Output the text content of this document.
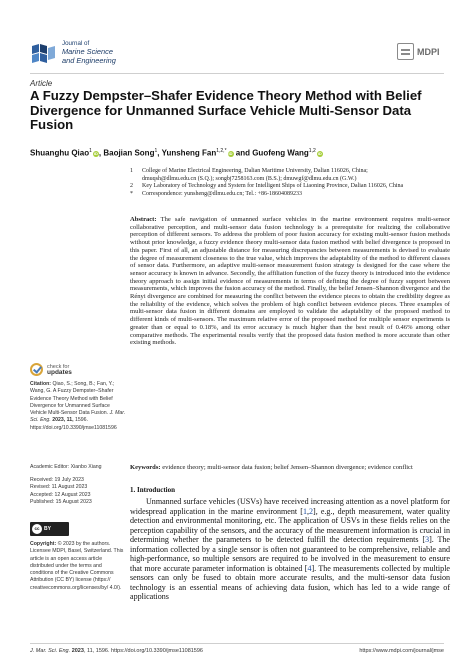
Journal of
Marine Science
and Engineering
MDPI
Article
A Fuzzy Dempster–Shafer Evidence Theory Method with Belief Divergence for Unmanned Surface Vehicle Multi-Sensor Data Fusion
Shuanghu Qiao$^1$ iD, Baojian Song$^1$, Yunsheng Fan$^{1,2,*}$ iD and Guofeng Wang$^{1,2}$ iD
1	College of Marine Electrical Engineering, Dalian Maritime University, Dalian 116026, China;
dmuqsh@dlmu.edu.cn (S.Q.); songbj7258163.com (B.S.); dmuwgf@dlmu.edu.cn (G.W.)
2	Key Laboratory of Technology and System for Intelligent Ships of Liaoning Province, Dalian 116026, China
*	Correspondence: yunsheng@dlmu.edu.cn; Tel.: +86-18604089233
Abstract: The safe navigation of unmanned surface vehicles in the marine environment requires multi-sensor collaborative perception, and multi-sensor data fusion technology is a prerequisite for realizing the collaborative perception of different sensors. To address the problem of poor fusion accuracy for existing multi-sensor fusion methods without prior knowledge, a fuzzy evidence theory multi-sensor data fusion method with belief divergence is proposed in this paper. First of all, an adjustable distance for measuring discrepancies between measurements is devised to evaluate the degree of measurement closeness to the true value, which improves the adaptability of the method to different classes of sensor data. Furthermore, an adaptive multi-sensor measurement fusion strategy is designed for the case where the sensor accuracy is known in advance. Secondly, the affiliation function of the fuzzy theory is introduced into the evidence theory approach to assign initial evidence of measurements in terms of defining the degree of fuzzy support between measurements, which improves the fusion accuracy of the method. Finally, the belief Jensen–Shannon divergence and the Rényi divergence are combined for measuring the conflict between the evidence pieces to obtain the credibility degree as the reliability of the evidence, which solves the problem of high conflict between evidence pieces. Three examples of multi-sensor data fusion in different domains are employed to validate the adaptability of the proposed method to different kinds of multi-sensors. The maximum relative error of the proposed method for multiple sensor experiments is greater than or equal to 0.18%, and its error accuracy is much higher than the best result of 0.46% among other comparative methods. The experimental results verify that the proposed data fusion method is more accurate than other existing methods.
Keywords: evidence theory; multi-sensor data fusion; belief Jensen–Shannon divergence; evidence conflict
check for
updates
Citation: Qiao, S.; Song, B.; Fan, Y.; Wang, G. A Fuzzy Dempster–Shafer Evidence Theory Method with Belief Divergence for Unmanned Surface Vehicle Multi-Sensor Data Fusion. J. Mar. Sci. Eng. 2023, 11, 1596. https://doi.org/10.3390/jmse11081596
Academic Editor: Xianbo Xiang
Received: 19 July 2023
Revised: 11 August 2023
Accepted: 12 August 2023
Published: 15 August 2023
cc BY
Copyright: © 2023 by the authors. Licensee MDPI, Basel, Switzerland. This article is an open access article distributed under the terms and conditions of the Creative Commons Attribution (CC BY) license (https:// creativecommons.org/licenses/by/ 4.0/).
1. Introduction
Unmanned surface vehicles (USVs) have received increasing attention as a novel platform for widespread application in the marine environment [1,2], e.g., depth measurement, water quality detection and environmental monitoring, etc. The application of USVs in these fields relies on the perception capability of the sensors, and the accuracy of the measurement information is crucial in determining whether the parameters to be detected fulfill the detection requirements [3]. The information collected by a single sensor is often not guaranteed to be comprehensive, reliable and high-performance, so multiple sensors are required to be involved in the measurement to ensure that more accurate parameter information is obtained [4]. The measurements collected by multiple sensors can only be fused to obtain more accurate results, and the multi-sensor data fusion technology is an essential means of achieving data fusion, which has led to a wide range of applications
J. Mar. Sci. Eng. 2023, 11, 1596. https://doi.org/10.3390/jmse11081596	https://www.mdpi.com/journal/jmse
